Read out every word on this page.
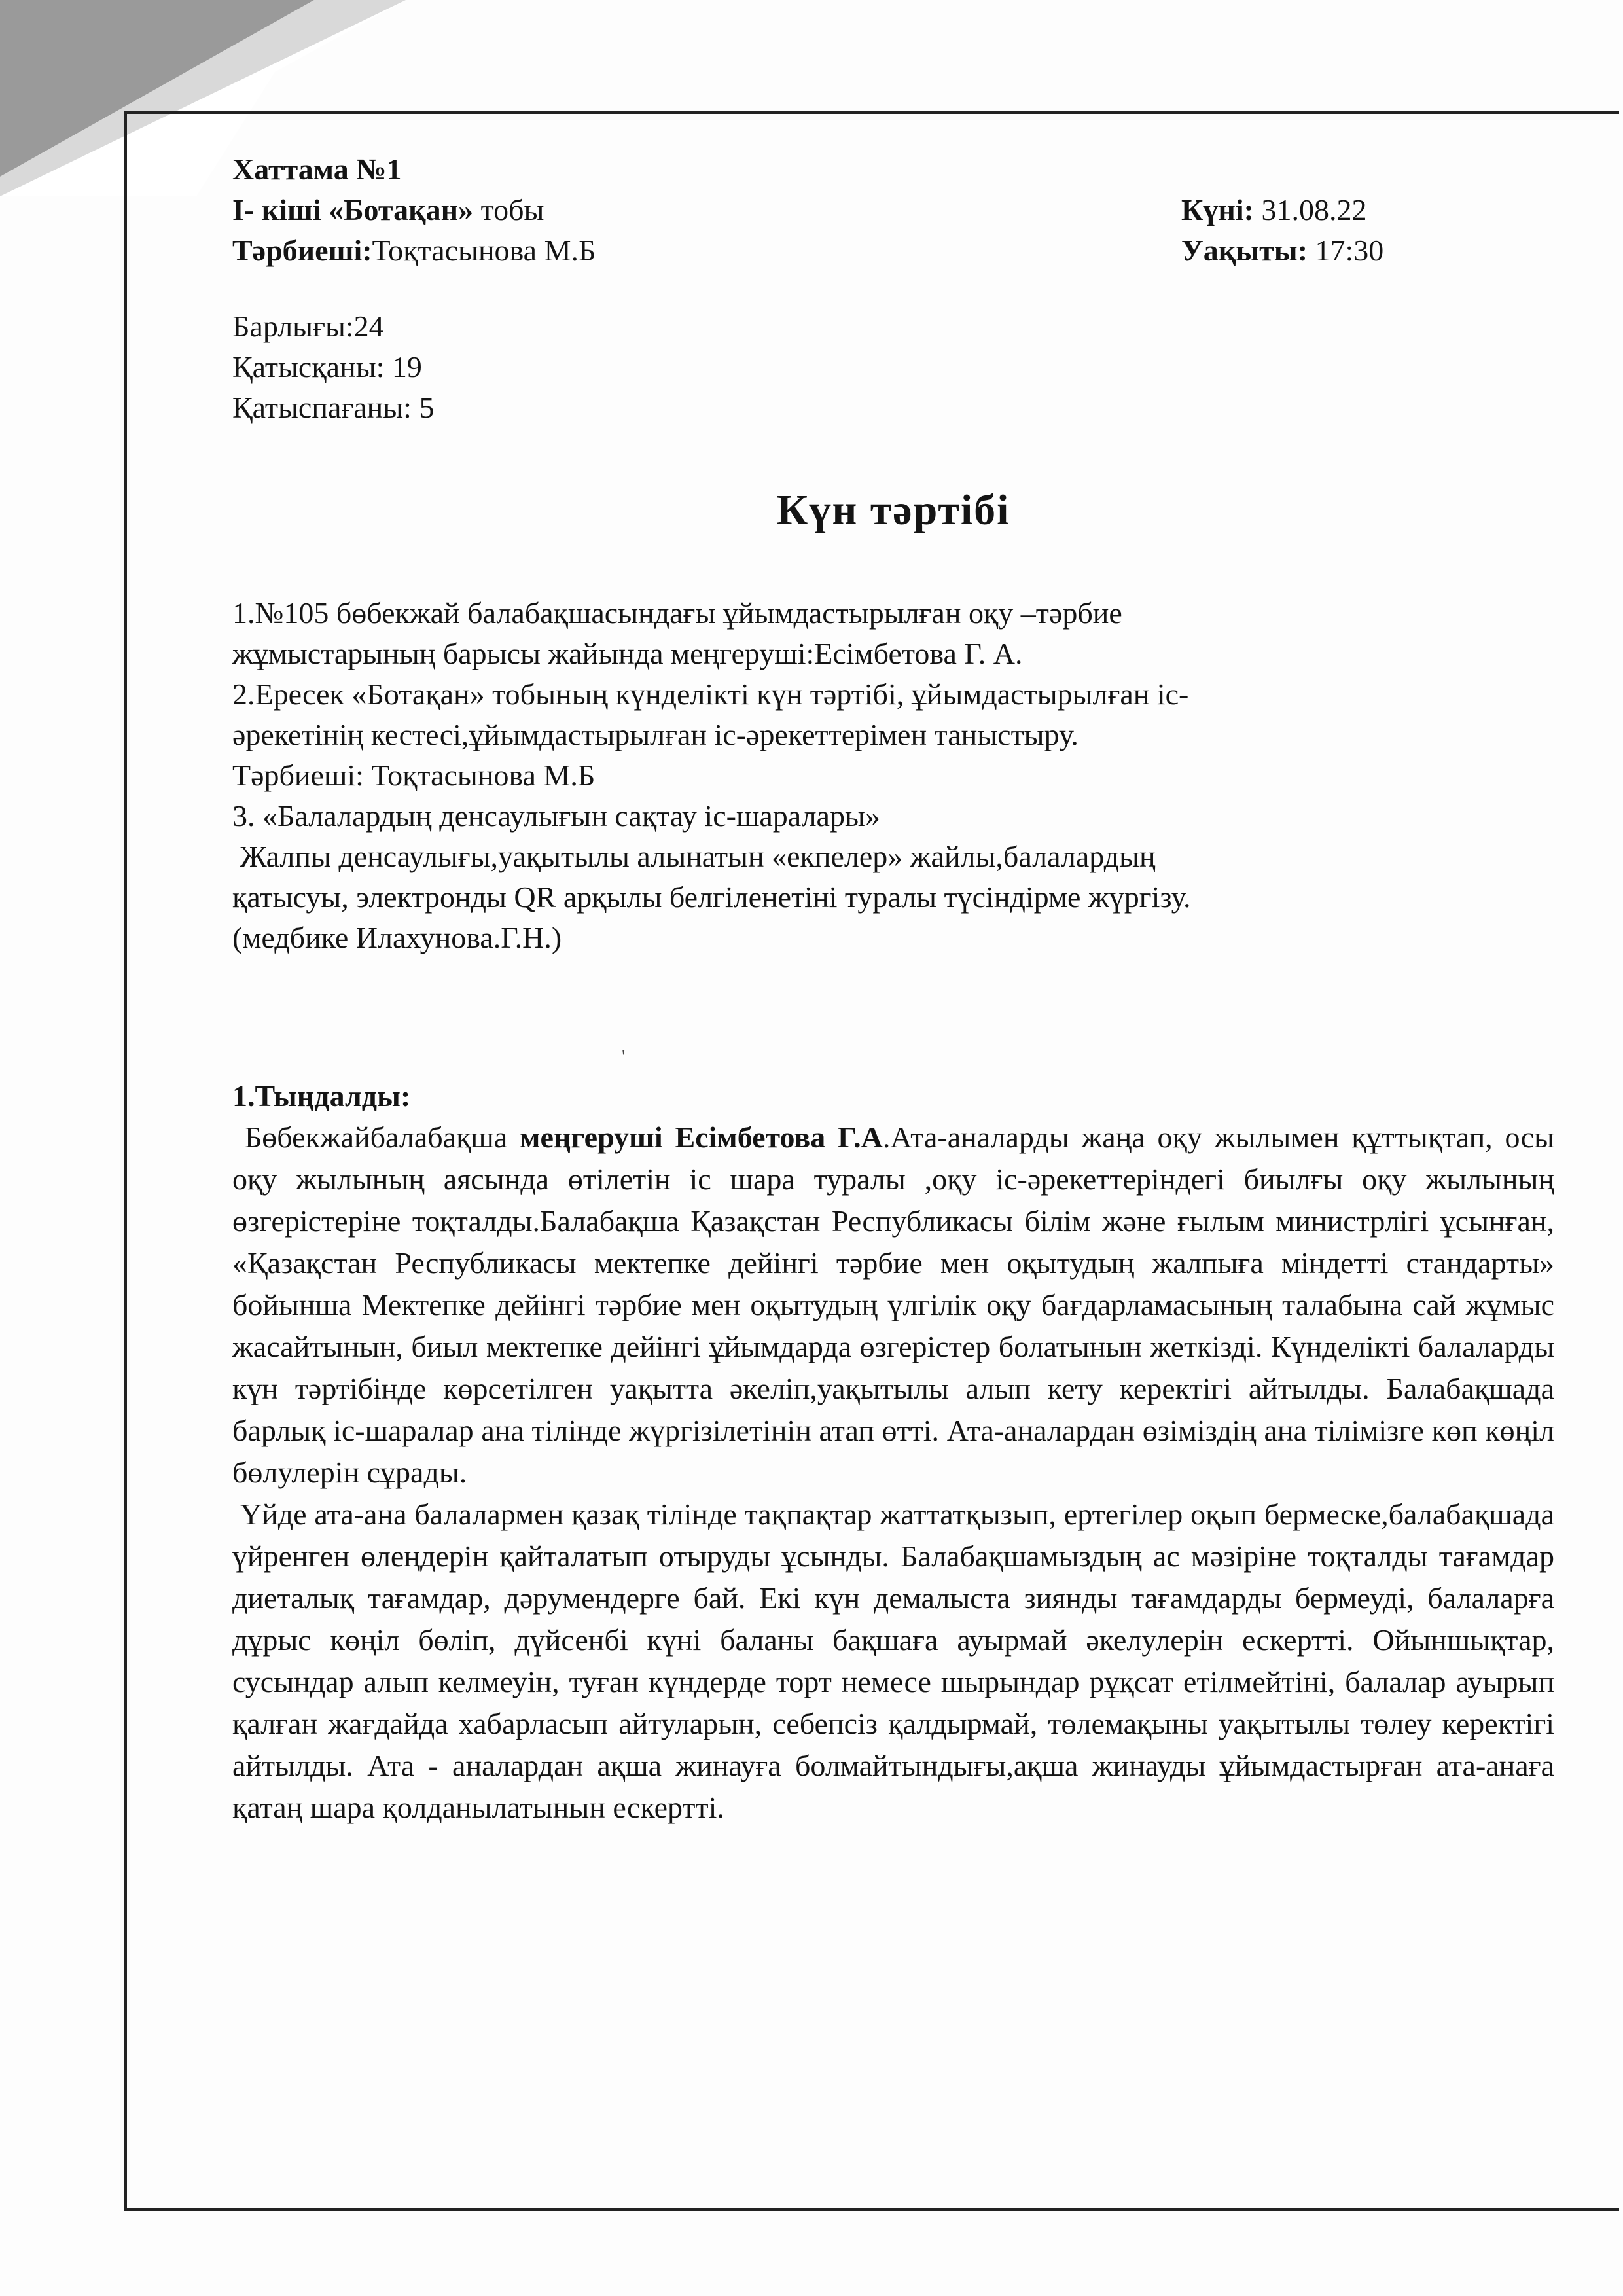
Хаттама №1
І- кіші «Ботақан» тобы	Күні: 31.08.22
Тәрбиеші:Тоқтасынова М.Б	Уақыты: 17:30
Барлығы:24
Қатысқаны: 19
Қатыспағаны: 5
Күн тәртібі

1.№105 бөбекжай балабақшасындағы ұйымдастырылған оқу –тәрбие

жұмыстарының барысы жайында меңгеруші:Есімбетова Г. А.

2.Ересек «Ботақан» тобының күнделікті күн тәртібі, ұйымдастырылған іс-

әрекетінің кестесі,ұйымдастырылған іс-әрекеттерімен таныстыру.

Тәрбиеші: Тоқтасынова М.Б

3. «Балалардың денсаулығын сақтау іс-шаралары»

Жалпы денсаулығы,уақытылы алынатын «екпелер» жайлы,балалардың

қатысуы, электронды QR арқылы белгіленетіні туралы түсіндірме жүргізу.

(медбике Илахунова.Г.Н.)

1.Тыңдалды:

Бөбекжайбалабақша меңгеруші Есімбетова Г.А.Ата-аналарды жаңа оқу жылымен құттықтап, осы оқу жылының аясында өтілетін іс шара туралы ,оқу іс-әрекеттеріндегі биылғы оқу жылының өзгерістеріне тоқталды.Балабақша Қазақстан Республикасы білім және ғылым министрлігі ұсынған, «Қазақстан Республикасы мектепке дейінгі тәрбие мен оқытудың жалпыға міндетті стандарты» бойынша Мектепке дейінгі тәрбие мен оқытудың үлгілік оқу бағдарламасының талабына сай жұмыс жасайтынын, биыл мектепке дейінгі ұйымдарда өзгерістер болатынын жеткізді. Күнделікті балаларды күн тәртібінде көрсетілген уақытта әкеліп,уақытылы алып кету керектігі айтылды. Балабақшада барлық іс-шаралар ана тілінде жүргізілетінін атап өтті. Ата-аналардан өзіміздің ана тілімізге көп көңіл бөлулерін сұрады.

Үйде ата-ана балалармен қазақ тілінде тақпақтар жаттатқызып, ертегілер оқып бермеске,балабақшада үйренген өлеңдерін қайталатып отыруды ұсынды. Балабақшамыздың ас мәзіріне тоқталды тағамдар диеталық тағамдар, дәрумендерге бай. Екі күн демалыста зиянды тағамдарды бермеуді, балаларға дұрыс көңіл бөліп, дүйсенбі күні баланы бақшаға ауырмай әкелулерін ескертті. Ойыншықтар, сусындар алып келмеуін, туған күндерде торт немесе шырындар рұқсат етілмейтіні, балалар ауырып қалған жағдайда хабарласып айтуларын, себепсіз қалдырмай, төлемақыны уақытылы төлеу керектігі айтылды. Ата - аналардан ақша жинауға болмайтындығы,ақша жинауды ұйымдастырған ата-анаға қатаң шара қолданылатынын ескертті.

'
